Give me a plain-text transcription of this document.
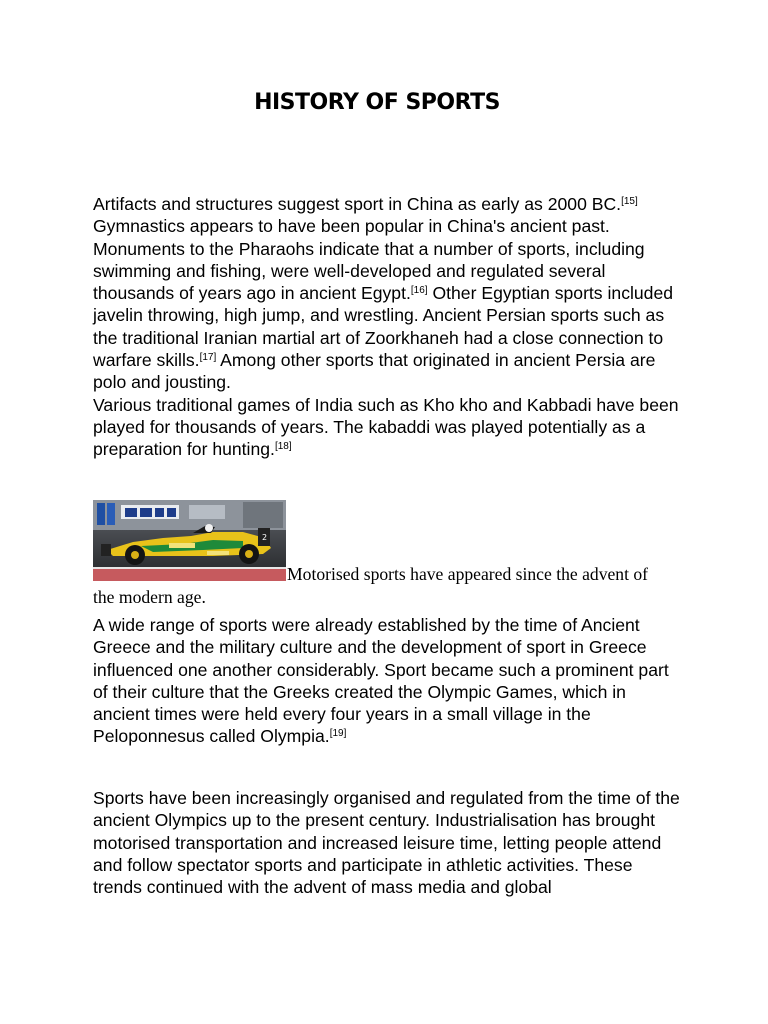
HISTORY OF SPORTS

Artifacts and structures suggest sport in China as early as 2000 BC.[15] Gymnastics appears to have been popular in China's ancient past. Monuments to the Pharaohs indicate that a number of sports, including swimming and fishing, were well-developed and regulated several thousands of years ago in ancient Egypt.[16] Other Egyptian sports included javelin throwing, high jump, and wrestling. Ancient Persian sports such as the traditional Iranian martial art of Zoorkhaneh had a close connection to warfare skills.[17] Among other sports that originated in ancient Persia are polo and jousting.
Various traditional games of India such as Kho kho and Kabbadi have been played for thousands of years. The kabaddi was played potentially as a preparation for hunting.[18]

2

Motorised sports have appeared since the advent of the modern age.

A wide range of sports were already established by the time of Ancient Greece and the military culture and the development of sport in Greece influenced one another considerably. Sport became such a prominent part of their culture that the Greeks created the Olympic Games, which in ancient times were held every four years in a small village in the Peloponnesus called Olympia.[19]

Sports have been increasingly organised and regulated from the time of the ancient Olympics up to the present century. Industrialisation has brought motorised transportation and increased leisure time, letting people attend and follow spectator sports and participate in athletic activities. These trends continued with the advent of mass media and global
